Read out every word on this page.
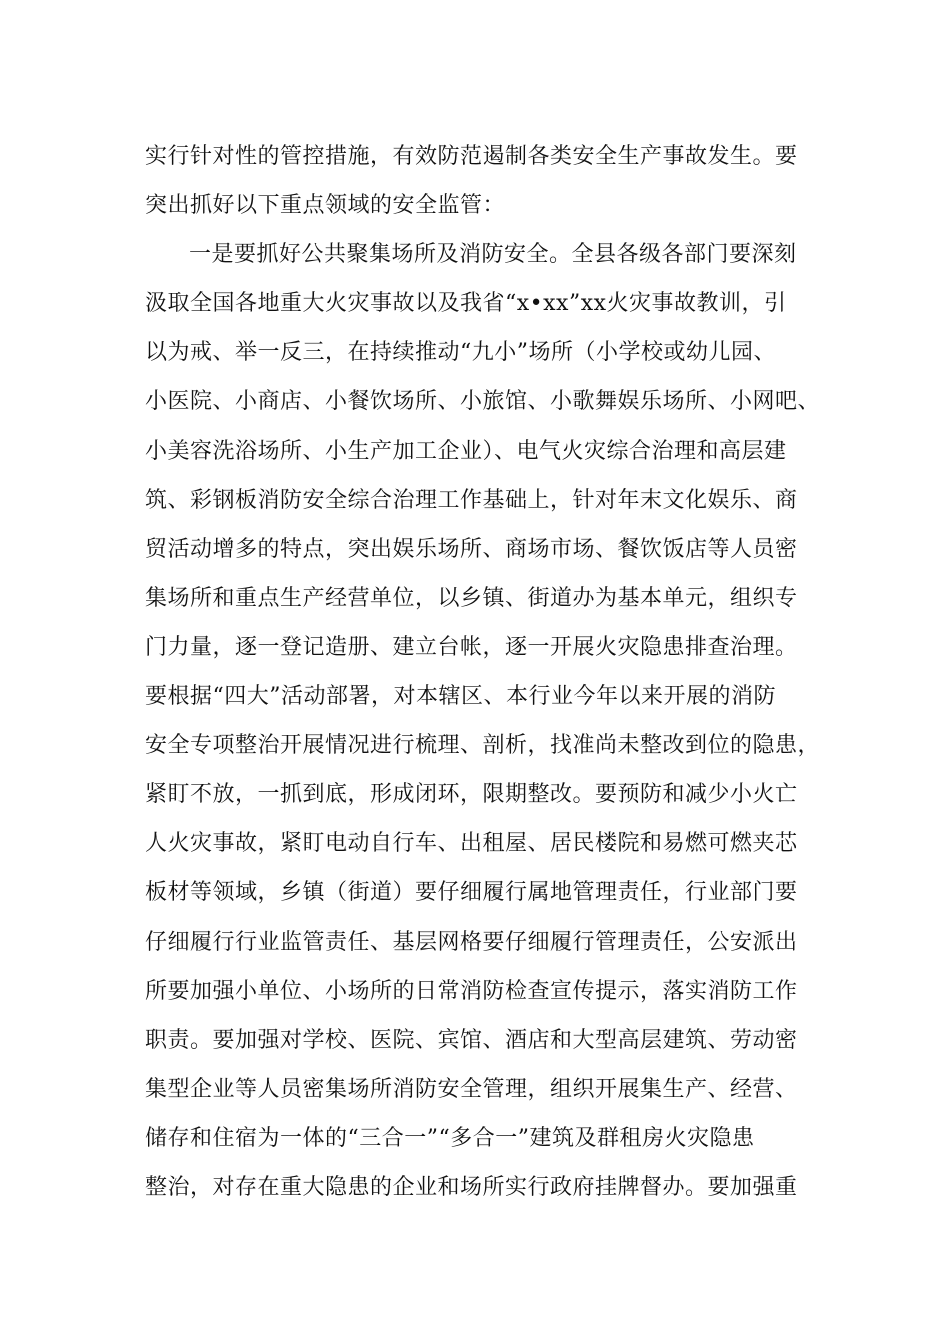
实行针对性的管控措施，有效防范遏制各类安全生产事故发生。要
突出抓好以下重点领域的安全监管：
一是要抓好公共聚集场所及消防安全。全县各级各部门要深刻
汲取全国各地重大火灾事故以及我省“x•xx”xx火灾事故教训，引
以为戒、举一反三，在持续推动“九小”场所（小学校或幼儿园、
小医院、小商店、小餐饮场所、小旅馆、小歌舞娱乐场所、小网吧、
小美容洗浴场所、小生产加工企业）、电气火灾综合治理和高层建
筑、彩钢板消防安全综合治理工作基础上，针对年末文化娱乐、商
贸活动增多的特点，突出娱乐场所、商场市场、餐饮饭店等人员密
集场所和重点生产经营单位，以乡镇、街道办为基本单元，组织专
门力量，逐一登记造册、建立台帐，逐一开展火灾隐患排查治理。
要根据“四大”活动部署，对本辖区、本行业今年以来开展的消防
安全专项整治开展情况进行梳理、剖析，找准尚未整改到位的隐患，
紧盯不放，一抓到底，形成闭环，限期整改。要预防和减少小火亡
人火灾事故，紧盯电动自行车、出租屋、居民楼院和易燃可燃夹芯
板材等领域，乡镇（街道）要仔细履行属地管理责任，行业部门要
仔细履行行业监管责任、基层网格要仔细履行管理责任，公安派出
所要加强小单位、小场所的日常消防检查宣传提示，落实消防工作
职责。要加强对学校、医院、宾馆、酒店和大型高层建筑、劳动密
集型企业等人员密集场所消防安全管理，组织开展集生产、经营、
储存和住宿为一体的“三合一”“多合一”建筑及群租房火灾隐患
整治，对存在重大隐患的企业和场所实行政府挂牌督办。要加强重
